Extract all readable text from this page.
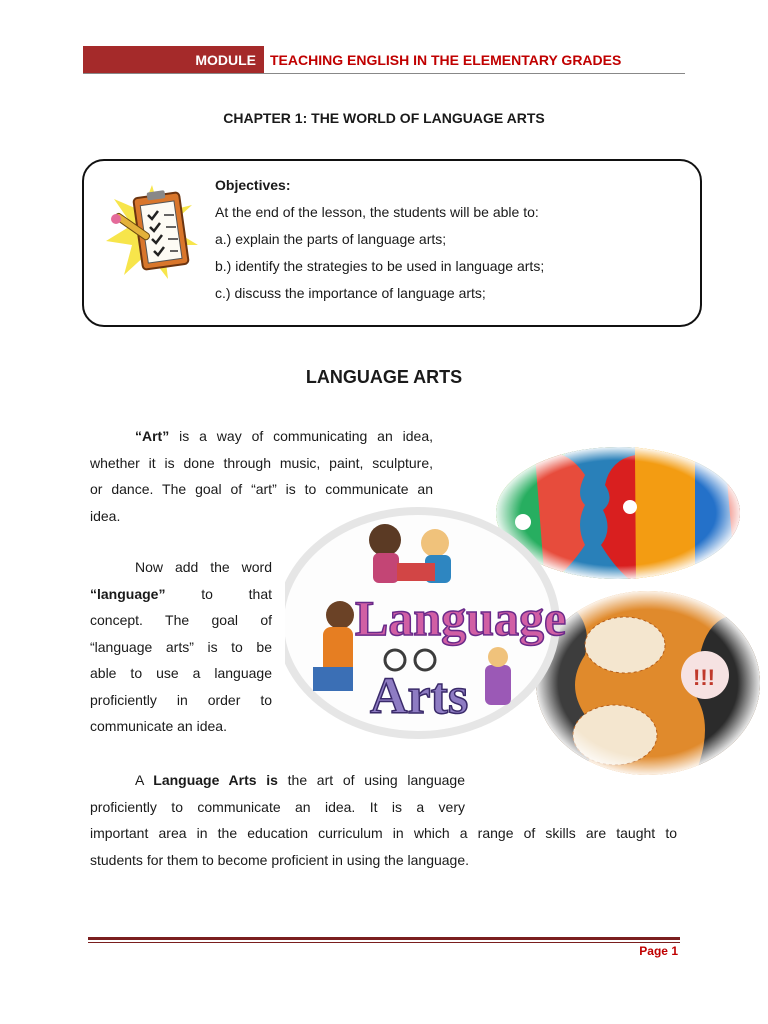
MODULE	TEACHING ENGLISH IN THE ELEMENTARY GRADES
CHAPTER 1: THE WORLD OF LANGUAGE ARTS
Objectives:
At the end of the lesson, the students will be able to:
a.) explain the parts of language arts;
b.) identify the strategies to be used in language arts;
c.) discuss the importance of language arts;
LANGUAGE ARTS
“Art” is a way of communicating an idea,
whether it is done through music, paint, sculpture,
or dance. The goal of “art” is to communicate an
idea.
Now add the word
“language” to that
concept. The goal of
“language arts” is to be
able to use a language
proficiently in order to
communicate an idea.
Language
Arts
A Language Arts is the art of using language
proficiently to communicate an idea. It is a very
important area in the education curriculum in which a range of skills are taught to
students for them to become proficient in using the language.
Page 1
